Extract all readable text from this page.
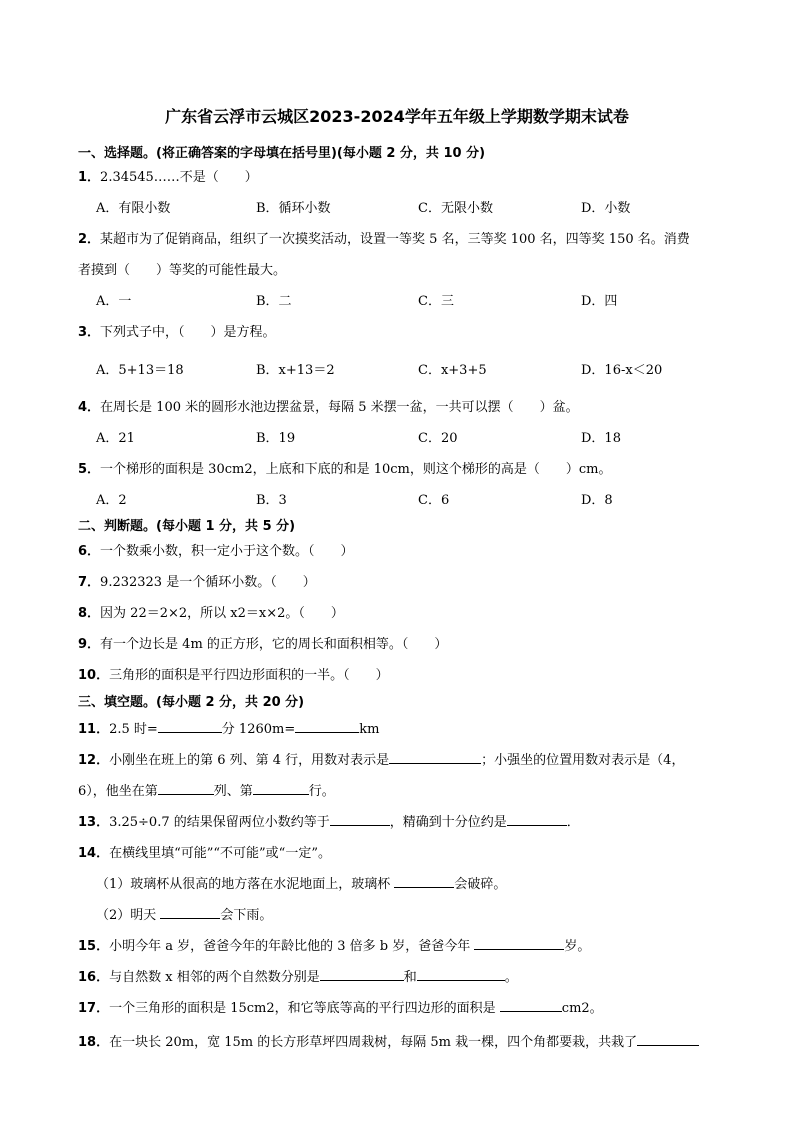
广东省云浮市云城区2023-2024学年五年级上学期数学期末试卷
一、选择题。(将正确答案的字母填在括号里)(每小题 2 分，共 10 分)
1．2.34545……不是（　　）
A．有限小数	B．循环小数	C．无限小数	D．小数
2．某超市为了促销商品，组织了一次摸奖活动，设置一等奖 5 名，三等奖 100 名，四等奖 150 名。消费
者摸到（　　）等奖的可能性最大。
A．一	B．二	C．三	D．四
3．下列式子中，（　　）是方程。
A．5+13＝18	B．x+13＝2	C．x+3+5	D．16-x＜20
4．在周长是 100 米的圆形水池边摆盆景，每隔 5 米摆一盆，一共可以摆（　　）盆。
A．21	B．19	C．20	D．18
5．一个梯形的面积是 30cm2，上底和下底的和是 10cm，则这个梯形的高是（　　）cm。
A．2	B．3	C．6	D．8
二、判断题。(每小题 1 分，共 5 分)
6．一个数乘小数，积一定小于这个数。（　　）
7．9.232323 是一个循环小数。（　　）
8．因为 22＝2×2，所以 x2＝x×2。（　　）
9．有一个边长是 4m 的正方形，它的周长和面积相等。（　　）
10．三角形的面积是平行四边形面积的一半。（　　）
三、填空题。(每小题 2 分，共 20 分)
11．2.5 时=	分 1260m=	km
12．小刚坐在班上的第 6 列、第 4 行，用数对表示是	；小强坐的位置用数对表示是（4，
6），他坐在第	列、第	行。
13．3.25÷0.7 的结果保留两位小数约等于	，精确到十分位约是	．
14．在横线里填“可能”“不可能”或“一定”。
（1）玻璃杯从很高的地方落在水泥地面上，玻璃杯	会破碎。
（2）明天	会下雨。
15．小明今年 a 岁，爸爸今年的年龄比他的 3 倍多 b 岁，爸爸今年	岁。
16．与自然数 x 相邻的两个自然数分别是	和	。
17．一个三角形的面积是 15cm2，和它等底等高的平行四边形的面积是	cm2。
18．在一块长 20m，宽 15m 的长方形草坪四周栽树，每隔 5m 栽一棵，四个角都要栽，共栽了
